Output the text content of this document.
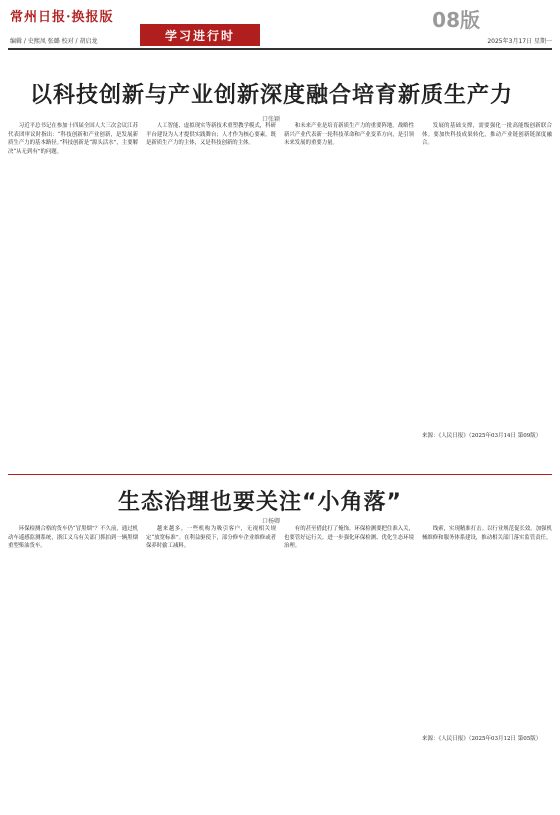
常州日报·换报版
编辑 / 史熙凤 张璐 校对 / 胡启龙	学习进行时
08版
2025年3月17日 星期一
以科技创新与产业创新深度融合培育新质生产力
口张颖

习近平总书记在参加十四届全国人大三次会议江苏代表团审议时指出：“科技创新和产业创新，是发展新质生产力的基本路径。”科技创新是“源头活水”，主要解决“从无到有”的问题。

人工智能、虚拟现实等新技术重塑教学模式，科研平台建设为人才提供实践舞台；人才作为核心要素，既是新质生产力的主体，又是科技创新的主体。

和未来产业是培育新质生产力的重要阵地。战略性新兴产业代表新一轮科技革命和产业变革方向，是引领未来发展的重要力量。

发展的基础支撑，需要强化一批高能级创新联合体。要加快科技成果转化，推动产业链创新链深度融合。

来源：《人民日报》（2025年03月14日 第09版）
生态治理也要关注“小角落”
口杨卿

环保检测合格的货车仍“冒黑烟”？不久前，通过机动车遥感监测系统，浙江义乌有关部门抓拍到一辆黑烟重型柴油货车。

越来越多。一些机构为吸引客户，无视相关规定“放宽标准”。在利益驱使下，部分修车企业维修或者保养时偷工减料。

有的甚至借此打了掩饰。环保检测要把住准入关，也要管好运行关。进一步强化环保检测、优化生态环境治理。

线索，实现精准打击。以行业规范促长效。加强机械维修和服务体系建设，推动相关部门落实监管责任。

来源：《人民日报》（2025年03月12日 第05版）
